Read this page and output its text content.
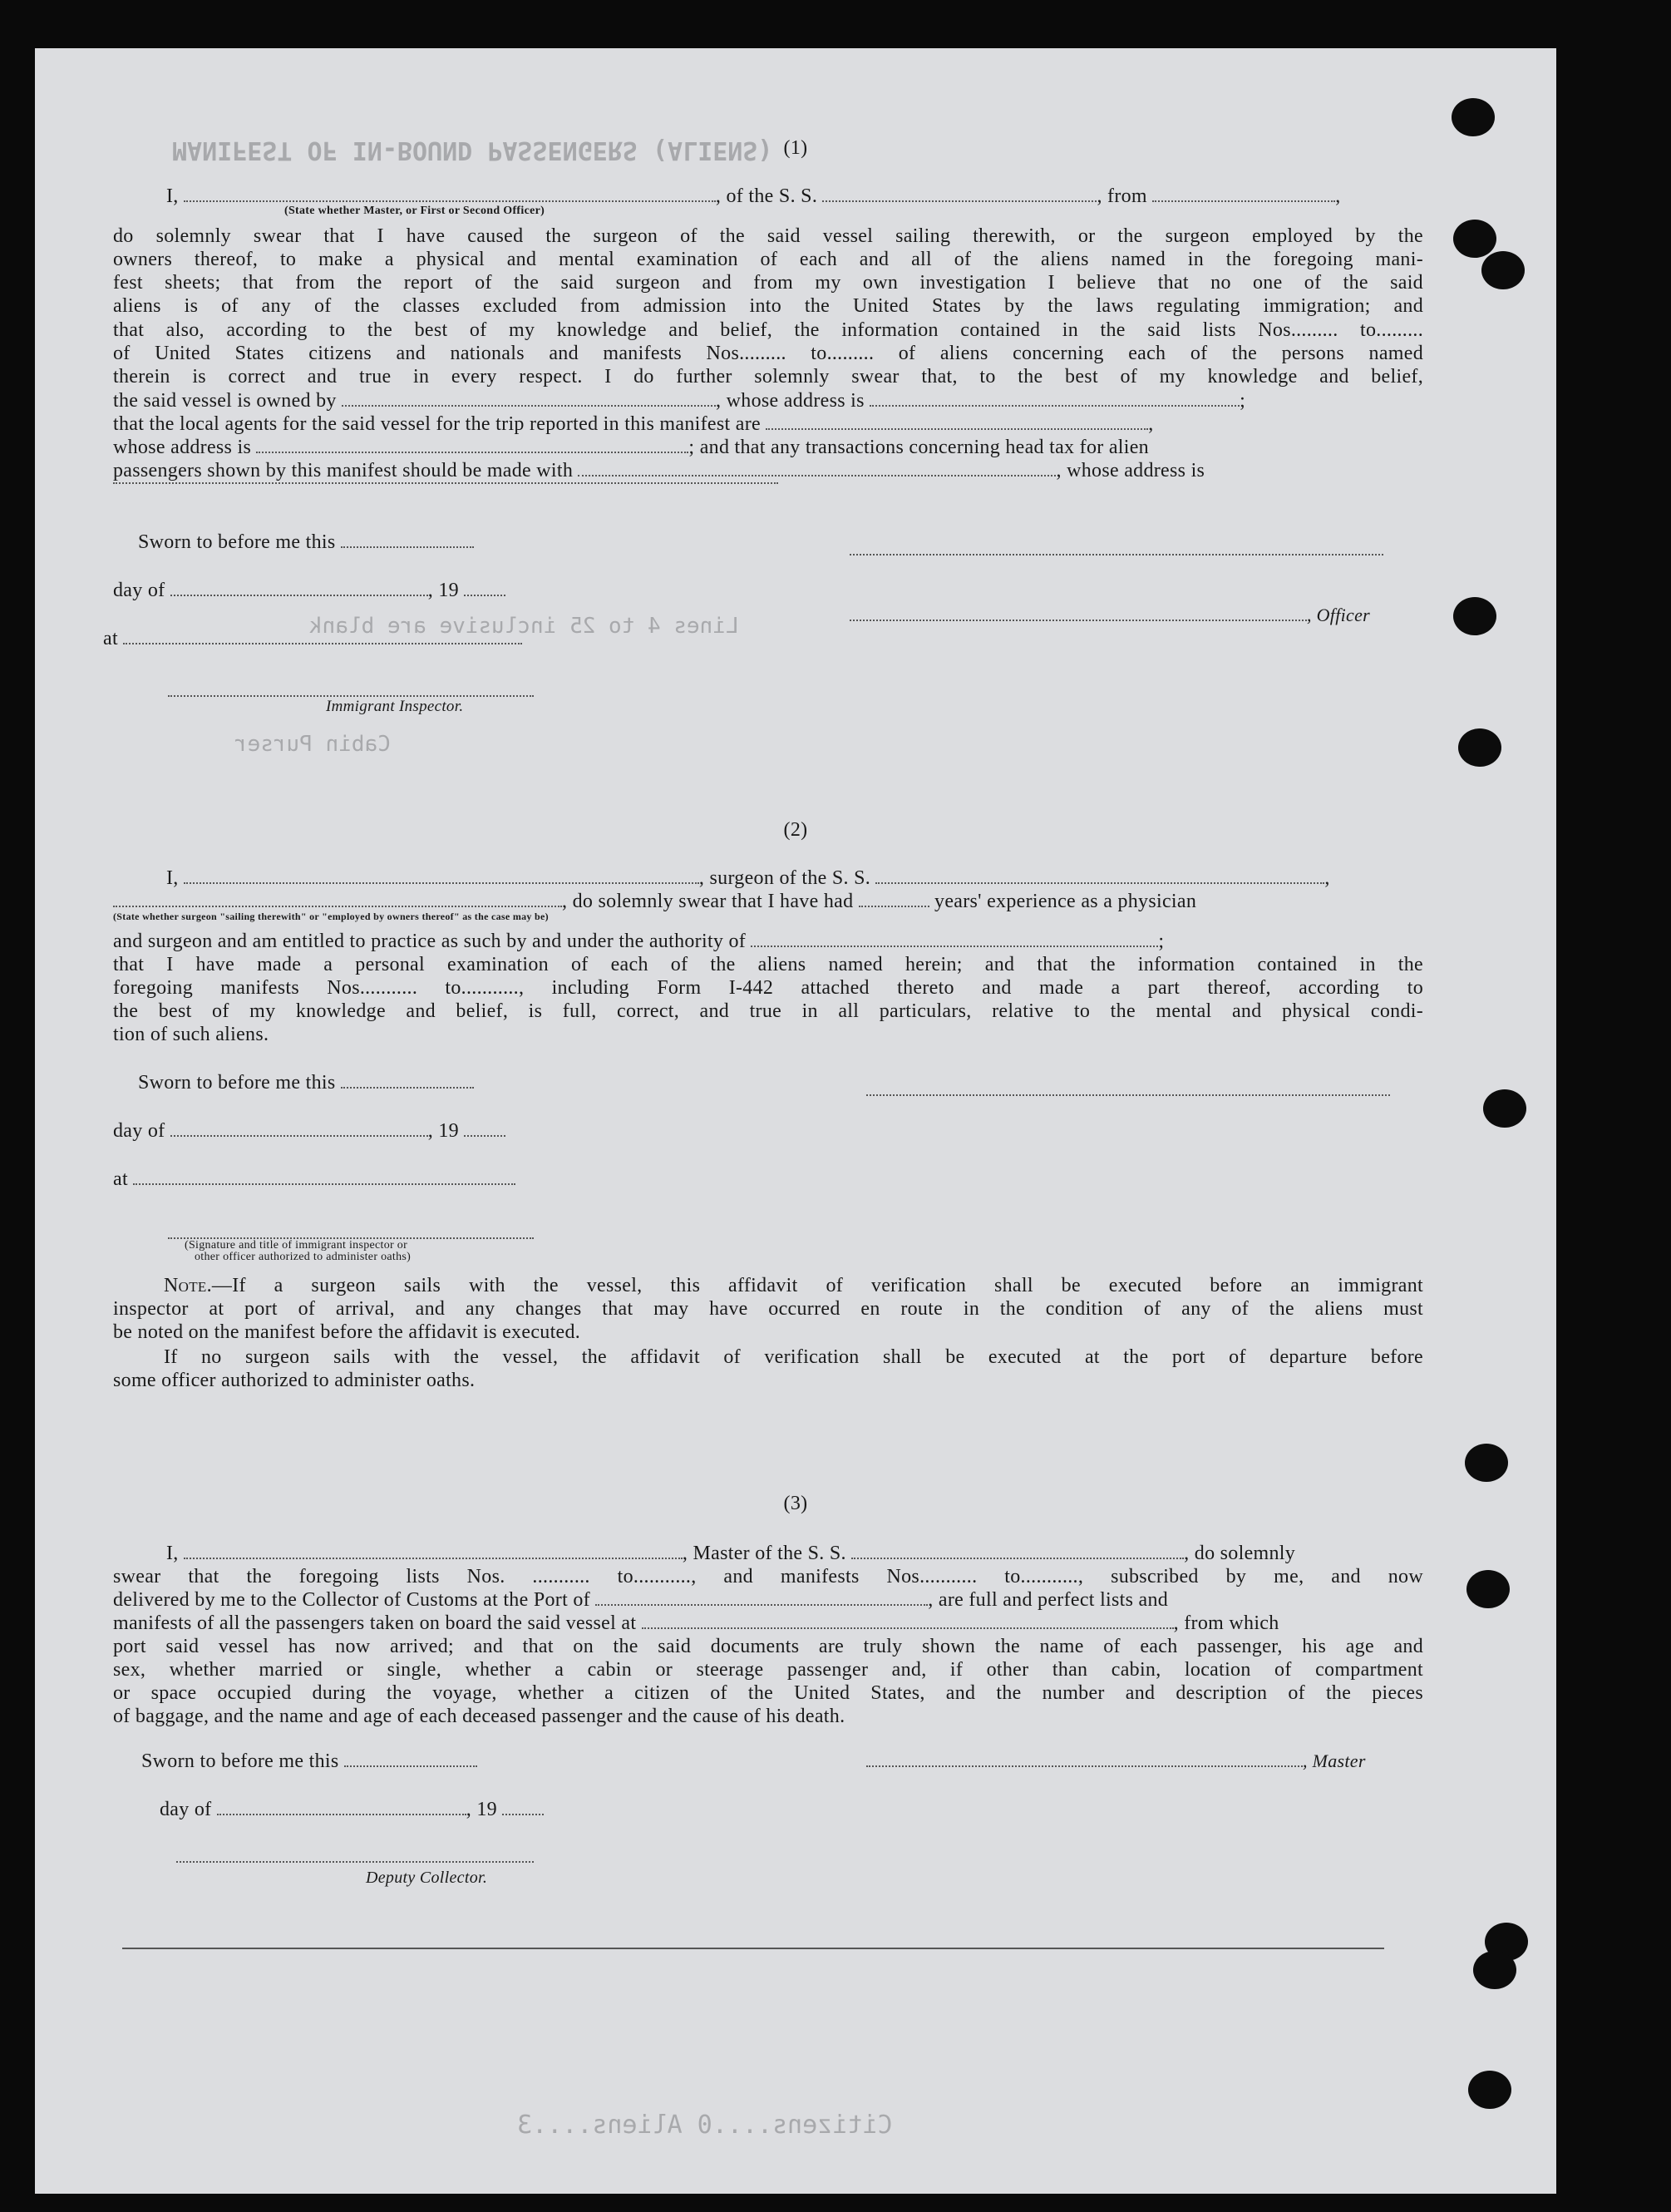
MANIFEST OF IN-BOUND PASSENGERS (ALIENS)
Lines 4 to 25 inclusive are blank
Cabin Purser
Citizens....0 Aliens....3
(1)
I,	, of the S. S.	, from	,
(State whether Master, or First or Second Officer)
do solemnly swear that I have caused the surgeon of the said vessel sailing therewith, or the surgeon employed by the
owners thereof, to make a physical and mental examination of each and all of the aliens named in the foregoing mani-
fest sheets; that from the report of the said surgeon and from my own investigation I believe that no one of the said
aliens is of any of the classes excluded from admission into the United States by the laws regulating immigration; and
that also, according to the best of my knowledge and belief, the information contained in the said lists Nos......... to.........
of United States citizens and nationals and manifests Nos......... to......... of aliens concerning each of the persons named
therein is correct and true in every respect. I do further solemnly swear that, to the best of my knowledge and belief,
the said vessel is owned by	, whose address is	;
that the local agents for the said vessel for the trip reported in this manifest are	,
whose address is	; and that any transactions concerning head tax for alien
passengers shown by this manifest should be made with	, whose address is
Sworn to before me this
day of	, 19
, Officer
at
Immigrant Inspector.
(2)
I,	, surgeon of the S. S.	,
, do solemnly swear that I have had	years' experience as a physician
(State whether surgeon "sailing therewith" or "employed by owners thereof" as the case may be)
and surgeon and am entitled to practice as such by and under the authority of	;
that I have made a personal examination of each of the aliens named herein; and that the information contained in the
foregoing manifests Nos........... to..........., including Form I-442 attached thereto and made a part thereof, according to
the best of my knowledge and belief, is full, correct, and true in all particulars, relative to the mental and physical condi-
tion of such aliens.
Sworn to before me this
day of	, 19
at
(Signature and title of immigrant inspector or
other officer authorized to administer oaths)
Note.—If a surgeon sails with the vessel, this affidavit of verification shall be executed before an immigrant
inspector at port of arrival, and any changes that may have occurred en route in the condition of any of the aliens must
be noted on the manifest before the affidavit is executed.
If no surgeon sails with the vessel, the affidavit of verification shall be executed at the port of departure before
some officer authorized to administer oaths.
(3)
I,	, Master of the S. S.	, do solemnly
swear that the foregoing lists Nos. ........... to..........., and manifests Nos........... to..........., subscribed by me, and now
delivered by me to the Collector of Customs at the Port of	, are full and perfect lists and
manifests of all the passengers taken on board the said vessel at	, from which
port said vessel has now arrived; and that on the said documents are truly shown the name of each passenger, his age and
sex, whether married or single, whether a cabin or steerage passenger and, if other than cabin, location of compartment
or space occupied during the voyage, whether a citizen of the United States, and the number and description of the pieces
of baggage, and the name and age of each deceased passenger and the cause of his death.
Sworn to before me this	, Master
day of	, 19
Deputy Collector.
